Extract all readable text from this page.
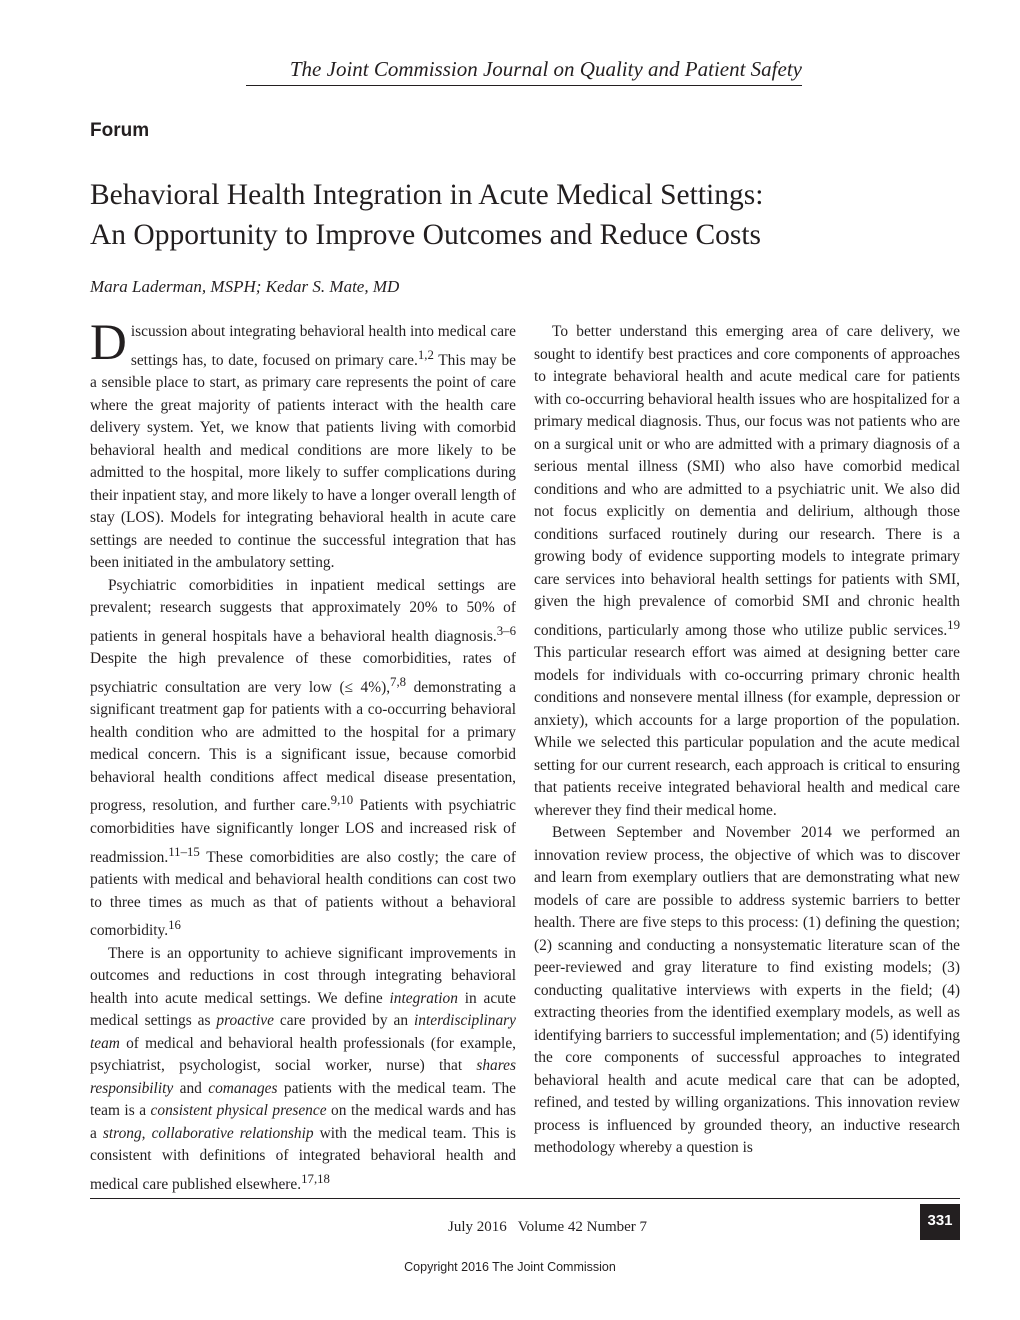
The Joint Commission Journal on Quality and Patient Safety
Forum
Behavioral Health Integration in Acute Medical Settings:
An Opportunity to Improve Outcomes and Reduce Costs
Mara Laderman, MSPH; Kedar S. Mate, MD

Discussion about integrating behavioral health into medical care settings has, to date, focused on primary care.$^{1,2}$ This may be a sensible place to start, as primary care represents the point of care where the great majority of patients interact with the health care delivery system. Yet, we know that patients living with comorbid behavioral health and medical conditions are more likely to be admitted to the hospital, more likely to suffer complications during their inpatient stay, and more likely to have a longer overall length of stay (LOS). Models for integrating behavioral health in acute care settings are needed to continue the successful integration that has been initiated in the ambulatory setting.

Psychiatric comorbidities in inpatient medical settings are prevalent; research suggests that approximately 20% to 50% of patients in general hospitals have a behavioral health diagnosis.$^{3-6}$ Despite the high prevalence of these comorbidities, rates of psychiatric consultation are very low (≤ 4%),$^{7,8}$ demonstrating a significant treatment gap for patients with a co-occurring behavioral health condition who are admitted to the hospital for a primary medical concern. This is a significant issue, because comorbid behavioral health conditions affect medical disease presentation, progress, resolution, and further care.$^{9,10}$ Patients with psychiatric comorbidities have significantly longer LOS and increased risk of readmission.$^{11-15}$ These comorbidities are also costly; the care of patients with medical and behavioral health conditions can cost two to three times as much as that of patients without a behavioral comorbidity.$^{16}$

There is an opportunity to achieve significant improvements in outcomes and reductions in cost through integrating behavioral health into acute medical settings. We define integration in acute medical settings as proactive care provided by an interdisciplinary team of medical and behavioral health professionals (for example, psychiatrist, psychologist, social worker, nurse) that shares responsibility and comanages patients with the medical team. The team is a consistent physical presence on the medical wards and has a strong, collaborative relationship with the medical team. This is consistent with definitions of integrated behavioral health and medical care published elsewhere.$^{17,18}$

To better understand this emerging area of care delivery, we sought to identify best practices and core components of approaches to integrate behavioral health and acute medical care for patients with co-occurring behavioral health issues who are hospitalized for a primary medical diagnosis. Thus, our focus was not patients who are on a surgical unit or who are admitted with a primary diagnosis of a serious mental illness (SMI) who also have comorbid medical conditions and who are admitted to a psychiatric unit. We also did not focus explicitly on dementia and delirium, although those conditions surfaced routinely during our research. There is a growing body of evidence supporting models to integrate primary care services into behavioral health settings for patients with SMI, given the high prevalence of comorbid SMI and chronic health conditions, particularly among those who utilize public services.$^{19}$ This particular research effort was aimed at designing better care models for individuals with co-occurring primary chronic health conditions and nonsevere mental illness (for example, depression or anxiety), which accounts for a large proportion of the population. While we selected this particular population and the acute medical setting for our current research, each approach is critical to ensuring that patients receive integrated behavioral health and medical care wherever they find their medical home.

Between September and November 2014 we performed an innovation review process, the objective of which was to discover and learn from exemplary outliers that are demonstrating what new models of care are possible to address systemic barriers to better health. There are five steps to this process: (1) defining the question; (2) scanning and conducting a nonsystematic literature scan of the peer-reviewed and gray literature to find existing models; (3) conducting qualitative interviews with experts in the field; (4) extracting theories from the identified exemplary models, as well as identifying barriers to successful implementation; and (5) identifying the core components of successful approaches to integrated behavioral health and acute medical care that can be adopted, refined, and tested by willing organizations. This innovation review process is influenced by grounded theory, an inductive research methodology whereby a question is

July 2016   Volume 42 Number 7	331
Copyright 2016 The Joint Commission
